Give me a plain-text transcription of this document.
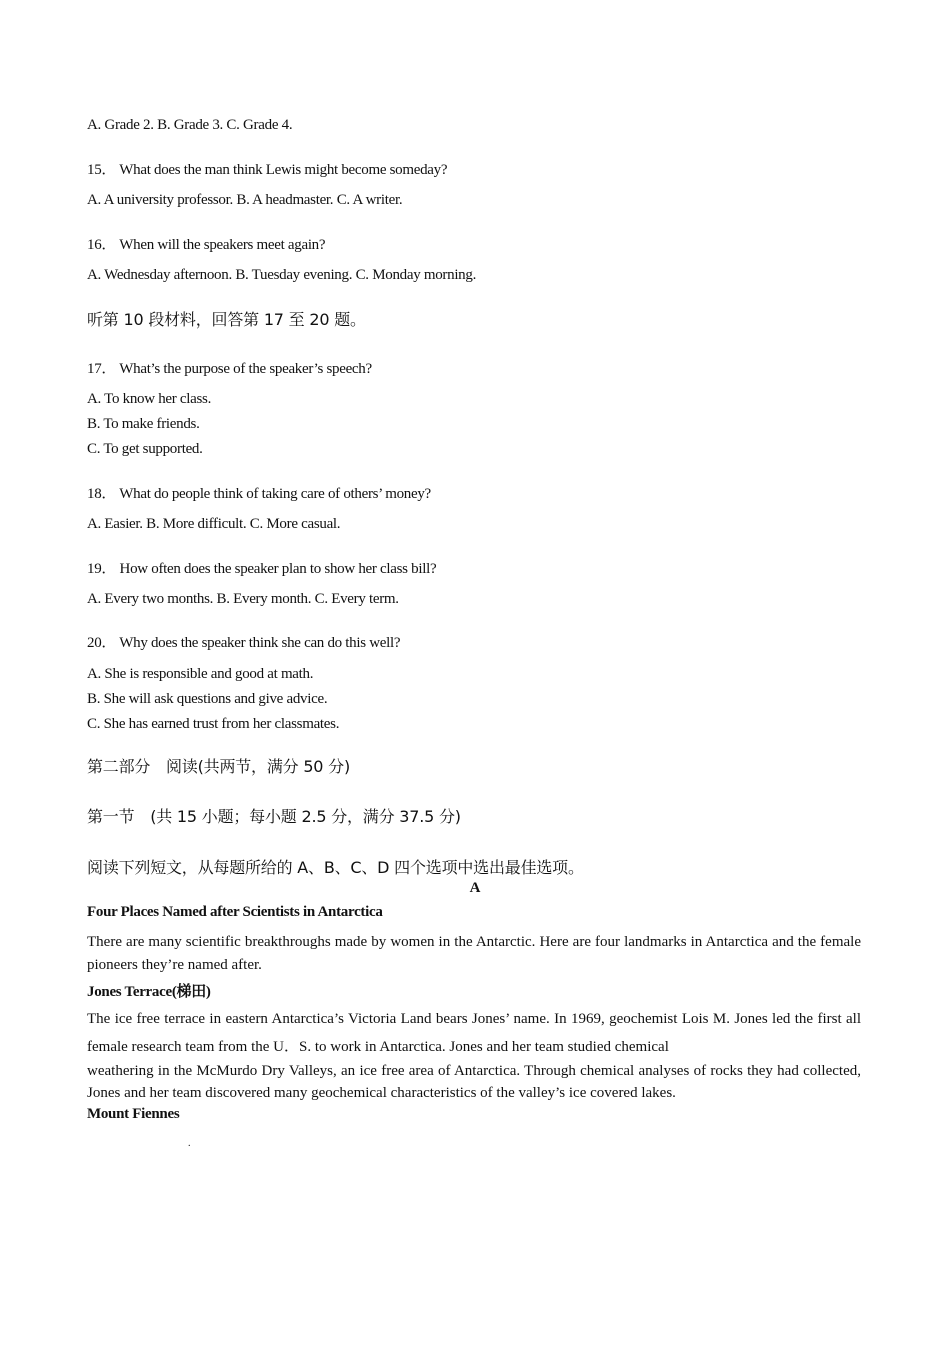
A. Grade 2. B. Grade 3. C. Grade 4.
15． What does the man think Lewis might become someday?
A. A university professor. B. A headmaster. C. A writer.
16． When will the speakers meet again?
A. Wednesday afternoon. B. Tuesday evening. C. Monday morning.
听第 10 段材料，回答第 17 至 20 题。
17． What’s the purpose of the speaker’s speech?
A. To know her class.
B. To make friends.
C. To get supported.
18． What do people think of taking care of others’ money?
A. Easier. B. More difficult. C. More casual.
19． How often does the speaker plan to show her class bill?
A. Every two months. B. Every month. C. Every term.
20． Why does the speaker think she can do this well?
A. She is responsible and good at math.
B. She will ask questions and give advice.
C. She has earned trust from her classmates.
第二部分　阅读(共两节，满分 50 分)
第一节　(共 15 小题；每小题 2.5 分，满分 37.5 分)
阅读下列短文，从每题所给的 A、B、C、D 四个选项中选出最佳选项。
A
Four Places Named after Scientists in Antarctica
There are many scientific breakthroughs made by women in the Antarctic. Here are four landmarks in Antarctica and the female pioneers they’re named after.
Jones Terrace(梯田)
The ice free terrace in eastern Antarctica’s Victoria Land bears Jones’ name. In 1969, geochemist Lois M. Jones led the first all female research team from the U．S. to work in Antarctica. Jones and her team studied chemical
weathering in the McMurdo Dry Valleys, an ice free area of Antarctica. Through chemical analyses of rocks they had collected, Jones and her team discovered many geochemical characteristics of the valley’s ice covered lakes.
Mount Fiennes
.
